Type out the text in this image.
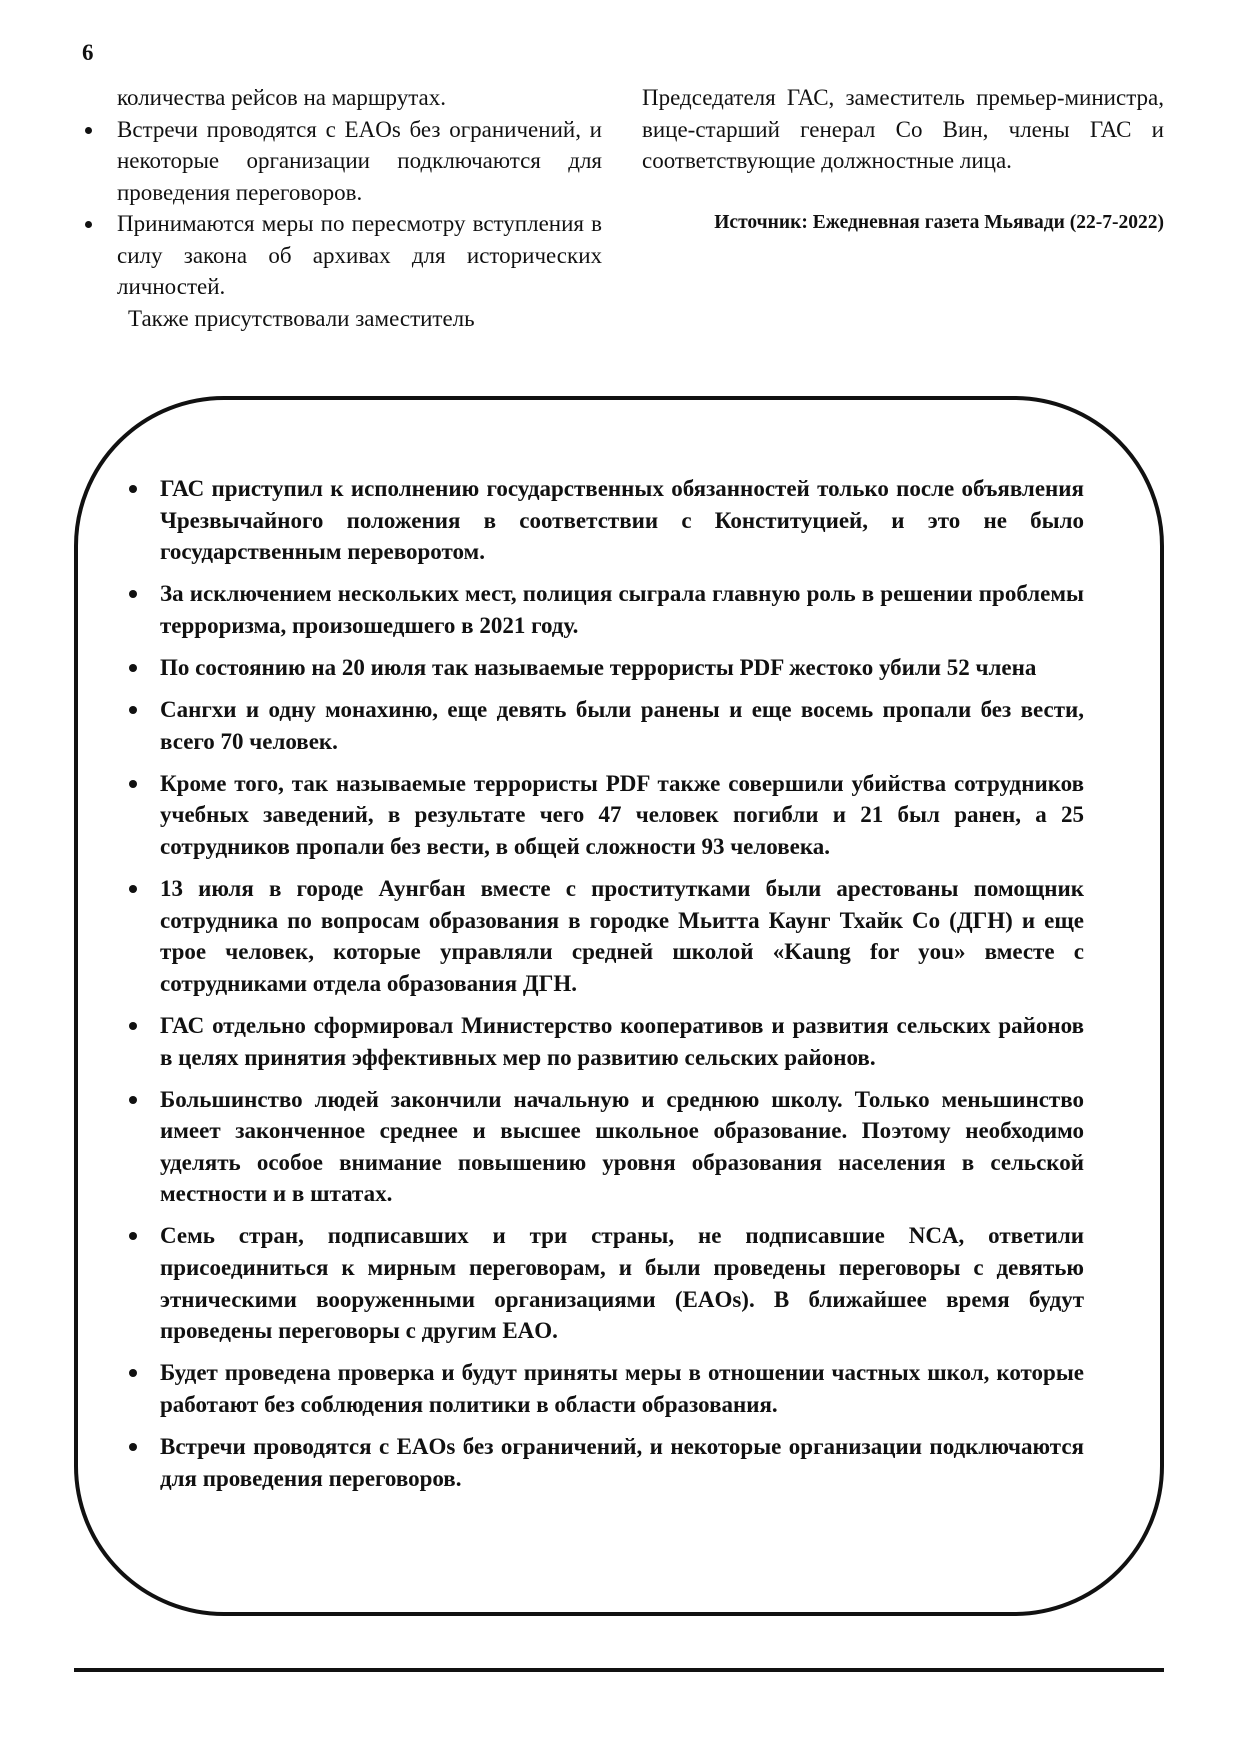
6

количества рейсов на маршрутах.

Встречи проводятся с EAOs без ограничений, и некоторые организации подключаются для проведения переговоров.
Принимаются меры по пересмотру вступления в силу закона об архивах для исторических личностей.

Также присутствовали заместитель

Председателя ГАС, заместитель премьер-министра, вице-старший генерал Со Вин, члены ГАС и соответствующие должностные лица.

Источник: Ежедневная газета Мьявади (22-7-2022)

ГАС приступил к исполнению государственных обязанностей только после объявления Чрезвычайного положения в соответствии с Конституцией, и это не было государственным переворотом.
За исключением нескольких мест, полиция сыграла главную роль в решении проблемы терроризма, произошедшего в 2021 году.
По состоянию на 20 июля так называемые террористы PDF жестоко убили 52 члена
Сангхи и одну монахиню, еще девять были ранены и еще восемь пропали без вести, всего 70 человек.
Кроме того, так называемые террористы PDF также совершили убийства сотрудников учебных заведений, в результате чего 47 человек погибли и 21 был ранен, а 25 сотрудников пропали без вести, в общей сложности 93 человека.
13 июля в городе Аунгбан вместе с проститутками были арестованы помощник сотрудника по вопросам образования в городке Мьитта Каунг Тхайк Со (ДГН) и еще трое человек, которые управляли средней школой «Kaung for you» вместе с сотрудниками отдела образования ДГН.
ГАС отдельно сформировал Министерство кооперативов и развития сельских районов в целях принятия эффективных мер по развитию сельских районов.
Большинство людей закончили начальную и среднюю школу. Только меньшинство имеет законченное среднее и высшее школьное образование. Поэтому необходимо уделять особое внимание повышению уровня образования населения в сельской местности и в штатах.
Семь стран, подписавших и три страны, не подписавшие NCA, ответили присоединиться к мирным переговорам, и были проведены переговоры с девятью этническими вооруженными организациями (EAOs). В ближайшее время будут проведены переговоры с другим EAO.
Будет проведена проверка и будут приняты меры в отношении частных школ, которые работают без соблюдения политики в области образования.
Встречи проводятся с EAOs без ограничений, и некоторые организации подключаются для проведения переговоров.
